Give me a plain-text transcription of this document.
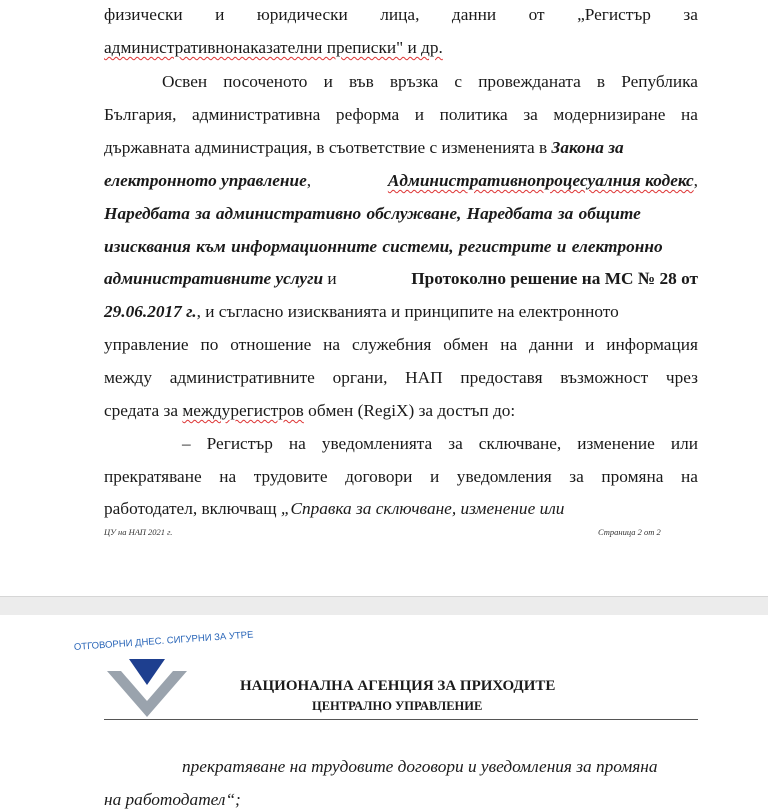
физически и юридически лица, данни от „Регистър за
административнонаказателни преписки" и др.
Освен посоченото и във връзка с провежданата в Република
България, административна реформа и политика за модернизиране на
държавната администрация, в съответствие с измененията в Закона за
електронното управление,	Административнопроцесуалния кодекс,
Наредбата за административно обслужване, Наредбата за общите
изисквания към информационните системи, регистрите и електронно
административните услуги и	Протоколно решение на МС № 28 от
29.06.2017 г., и съгласно изискванията и принципите на електронното
управление по отношение на служебния обмен на данни и информация
между административните органи, НАП предоставя възможност чрез
средата за междурегистров обмен (RegiX) за достъп до:
– Регистър на уведомленията за сключване, изменение или
прекратяване на трудовите договори и уведомления за промяна на
работодател, включващ „Справка за сключване, изменение или
ЦУ на НАП 2021 г.	Страница 2 от 2
ОТГОВОРНИ ДНЕС. СИГУРНИ ЗА УТРЕ
НАЦИОНАЛНА АГЕНЦИЯ ЗА ПРИХОДИТЕ
ЦЕНТРАЛНО УПРАВЛЕНИЕ
прекратяване на трудовите договори и уведомления за промяна
на работодател“;
